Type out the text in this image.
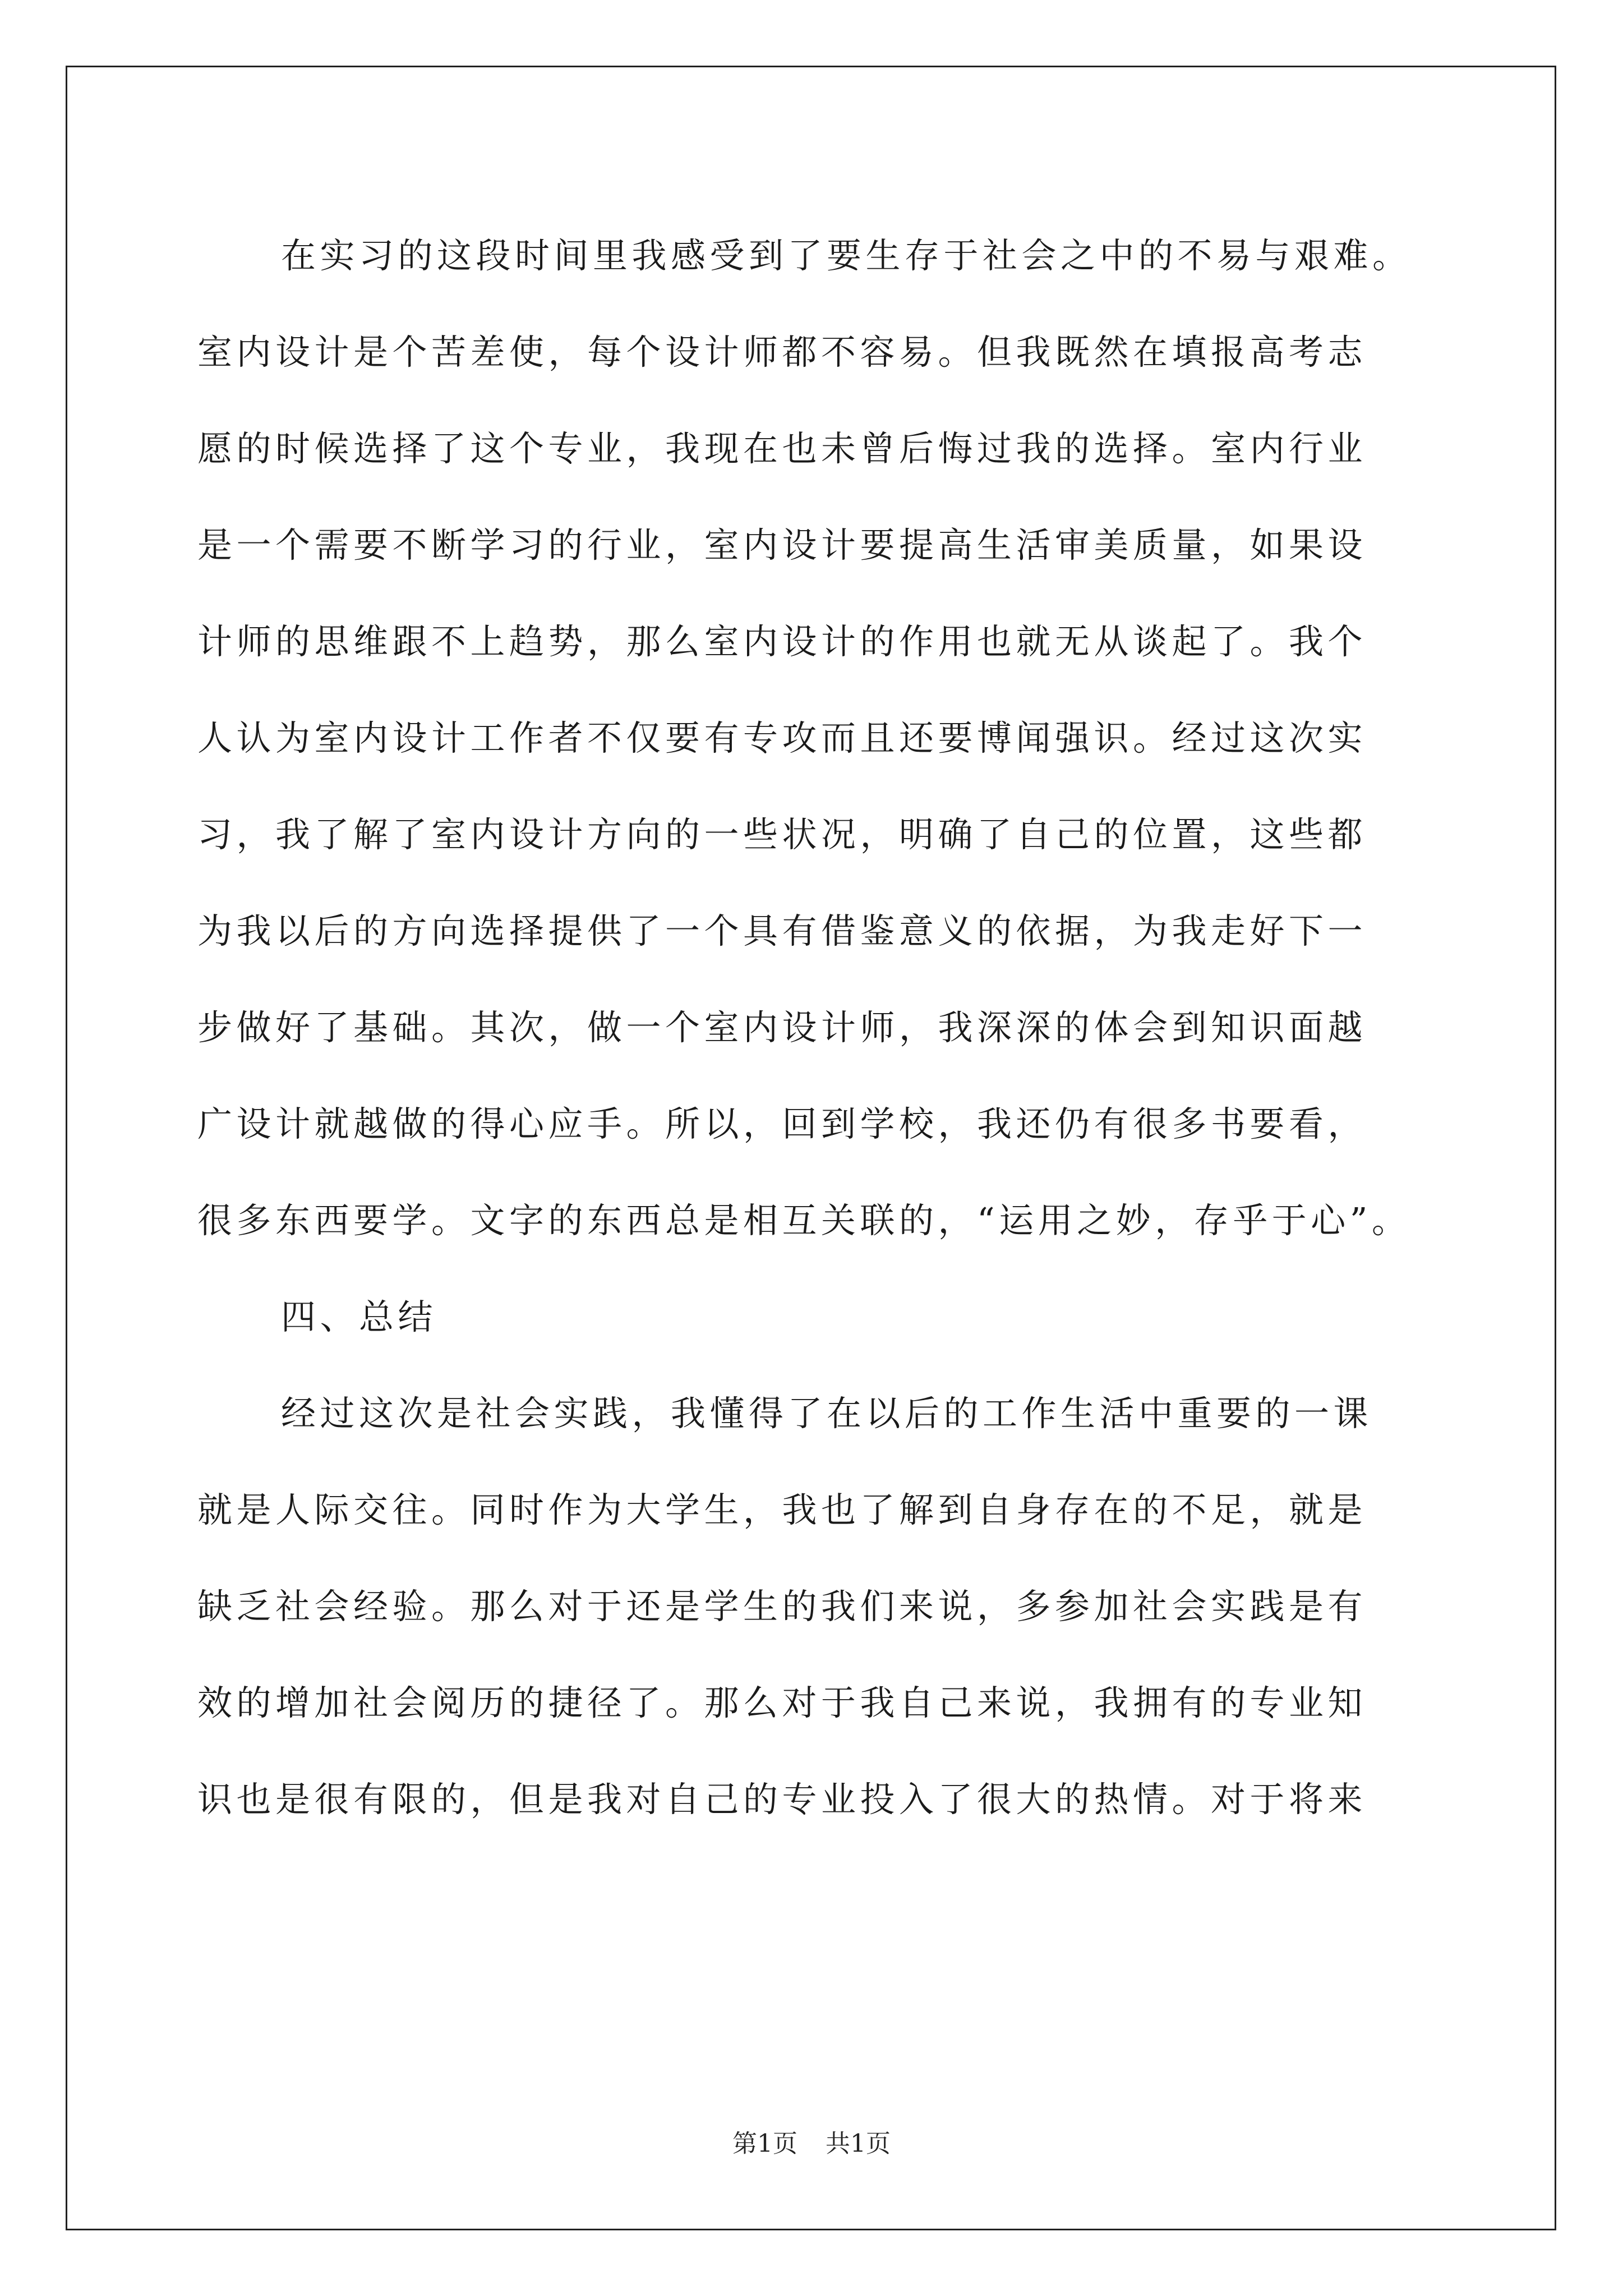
在实习的这段时间里我感受到了要生存于社会之中的不易与艰难。
室内设计是个苦差使，每个设计师都不容易。但我既然在填报高考志
愿的时候选择了这个专业，我现在也未曾后悔过我的选择。室内行业
是一个需要不断学习的行业，室内设计要提高生活审美质量，如果设
计师的思维跟不上趋势，那么室内设计的作用也就无从谈起了。我个
人认为室内设计工作者不仅要有专攻而且还要博闻强识。经过这次实
习，我了解了室内设计方向的一些状况，明确了自己的位置，这些都
为我以后的方向选择提供了一个具有借鉴意义的依据，为我走好下一
步做好了基础。其次，做一个室内设计师，我深深的体会到知识面越
广设计就越做的得心应手。所以，回到学校，我还仍有很多书要看，
很多东西要学。文字的东西总是相互关联的，“运用之妙，存乎于心”。
四、总结
经过这次是社会实践，我懂得了在以后的工作生活中重要的一课
就是人际交往。同时作为大学生，我也了解到自身存在的不足，就是
缺乏社会经验。那么对于还是学生的我们来说，多参加社会实践是有
效的增加社会阅历的捷径了。那么对于我自己来说，我拥有的专业知
识也是很有限的，但是我对自己的专业投入了很大的热情。对于将来
第1页 共1页
